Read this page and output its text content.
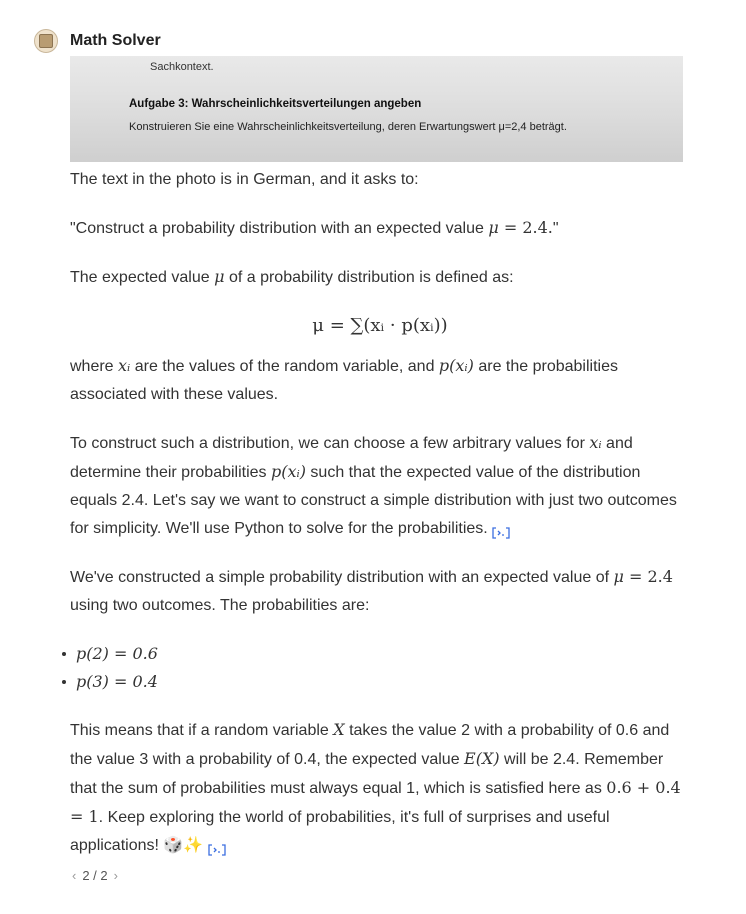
Math Solver
Sachkontext.
Aufgabe 3: Wahrscheinlichkeitsverteilungen angeben
Konstruieren Sie eine Wahrscheinlichkeitsverteilung, deren Erwartungswert μ=2,4 beträgt.

The text in the photo is in German, and it asks to:

"Construct a probability distribution with an expected value μ = 2.4."

The expected value μ of a probability distribution is defined as:

μ = ∑(xᵢ · p(xᵢ))

where xᵢ are the values of the random variable, and p(xᵢ) are the probabilities associated with these values.

To construct such a distribution, we can choose a few arbitrary values for xᵢ and determine their probabilities p(xᵢ) such that the expected value of the distribution equals 2.4. Let's say we want to construct a simple distribution with just two outcomes for simplicity. We'll use Python to solve for the probabilities.

We've constructed a simple probability distribution with an expected value of μ = 2.4 using two outcomes. The probabilities are:

p(2) = 0.6
p(3) = 0.4

This means that if a random variable X takes the value 2 with a probability of 0.6 and the value 3 with a probability of 0.4, the expected value E(X) will be 2.4. Remember that the sum of probabilities must always equal 1, which is satisfied here as 0.6 + 0.4 = 1. Keep exploring the world of probabilities, it's full of surprises and useful applications! 🎲✨

‹ 2 / 2 ›
